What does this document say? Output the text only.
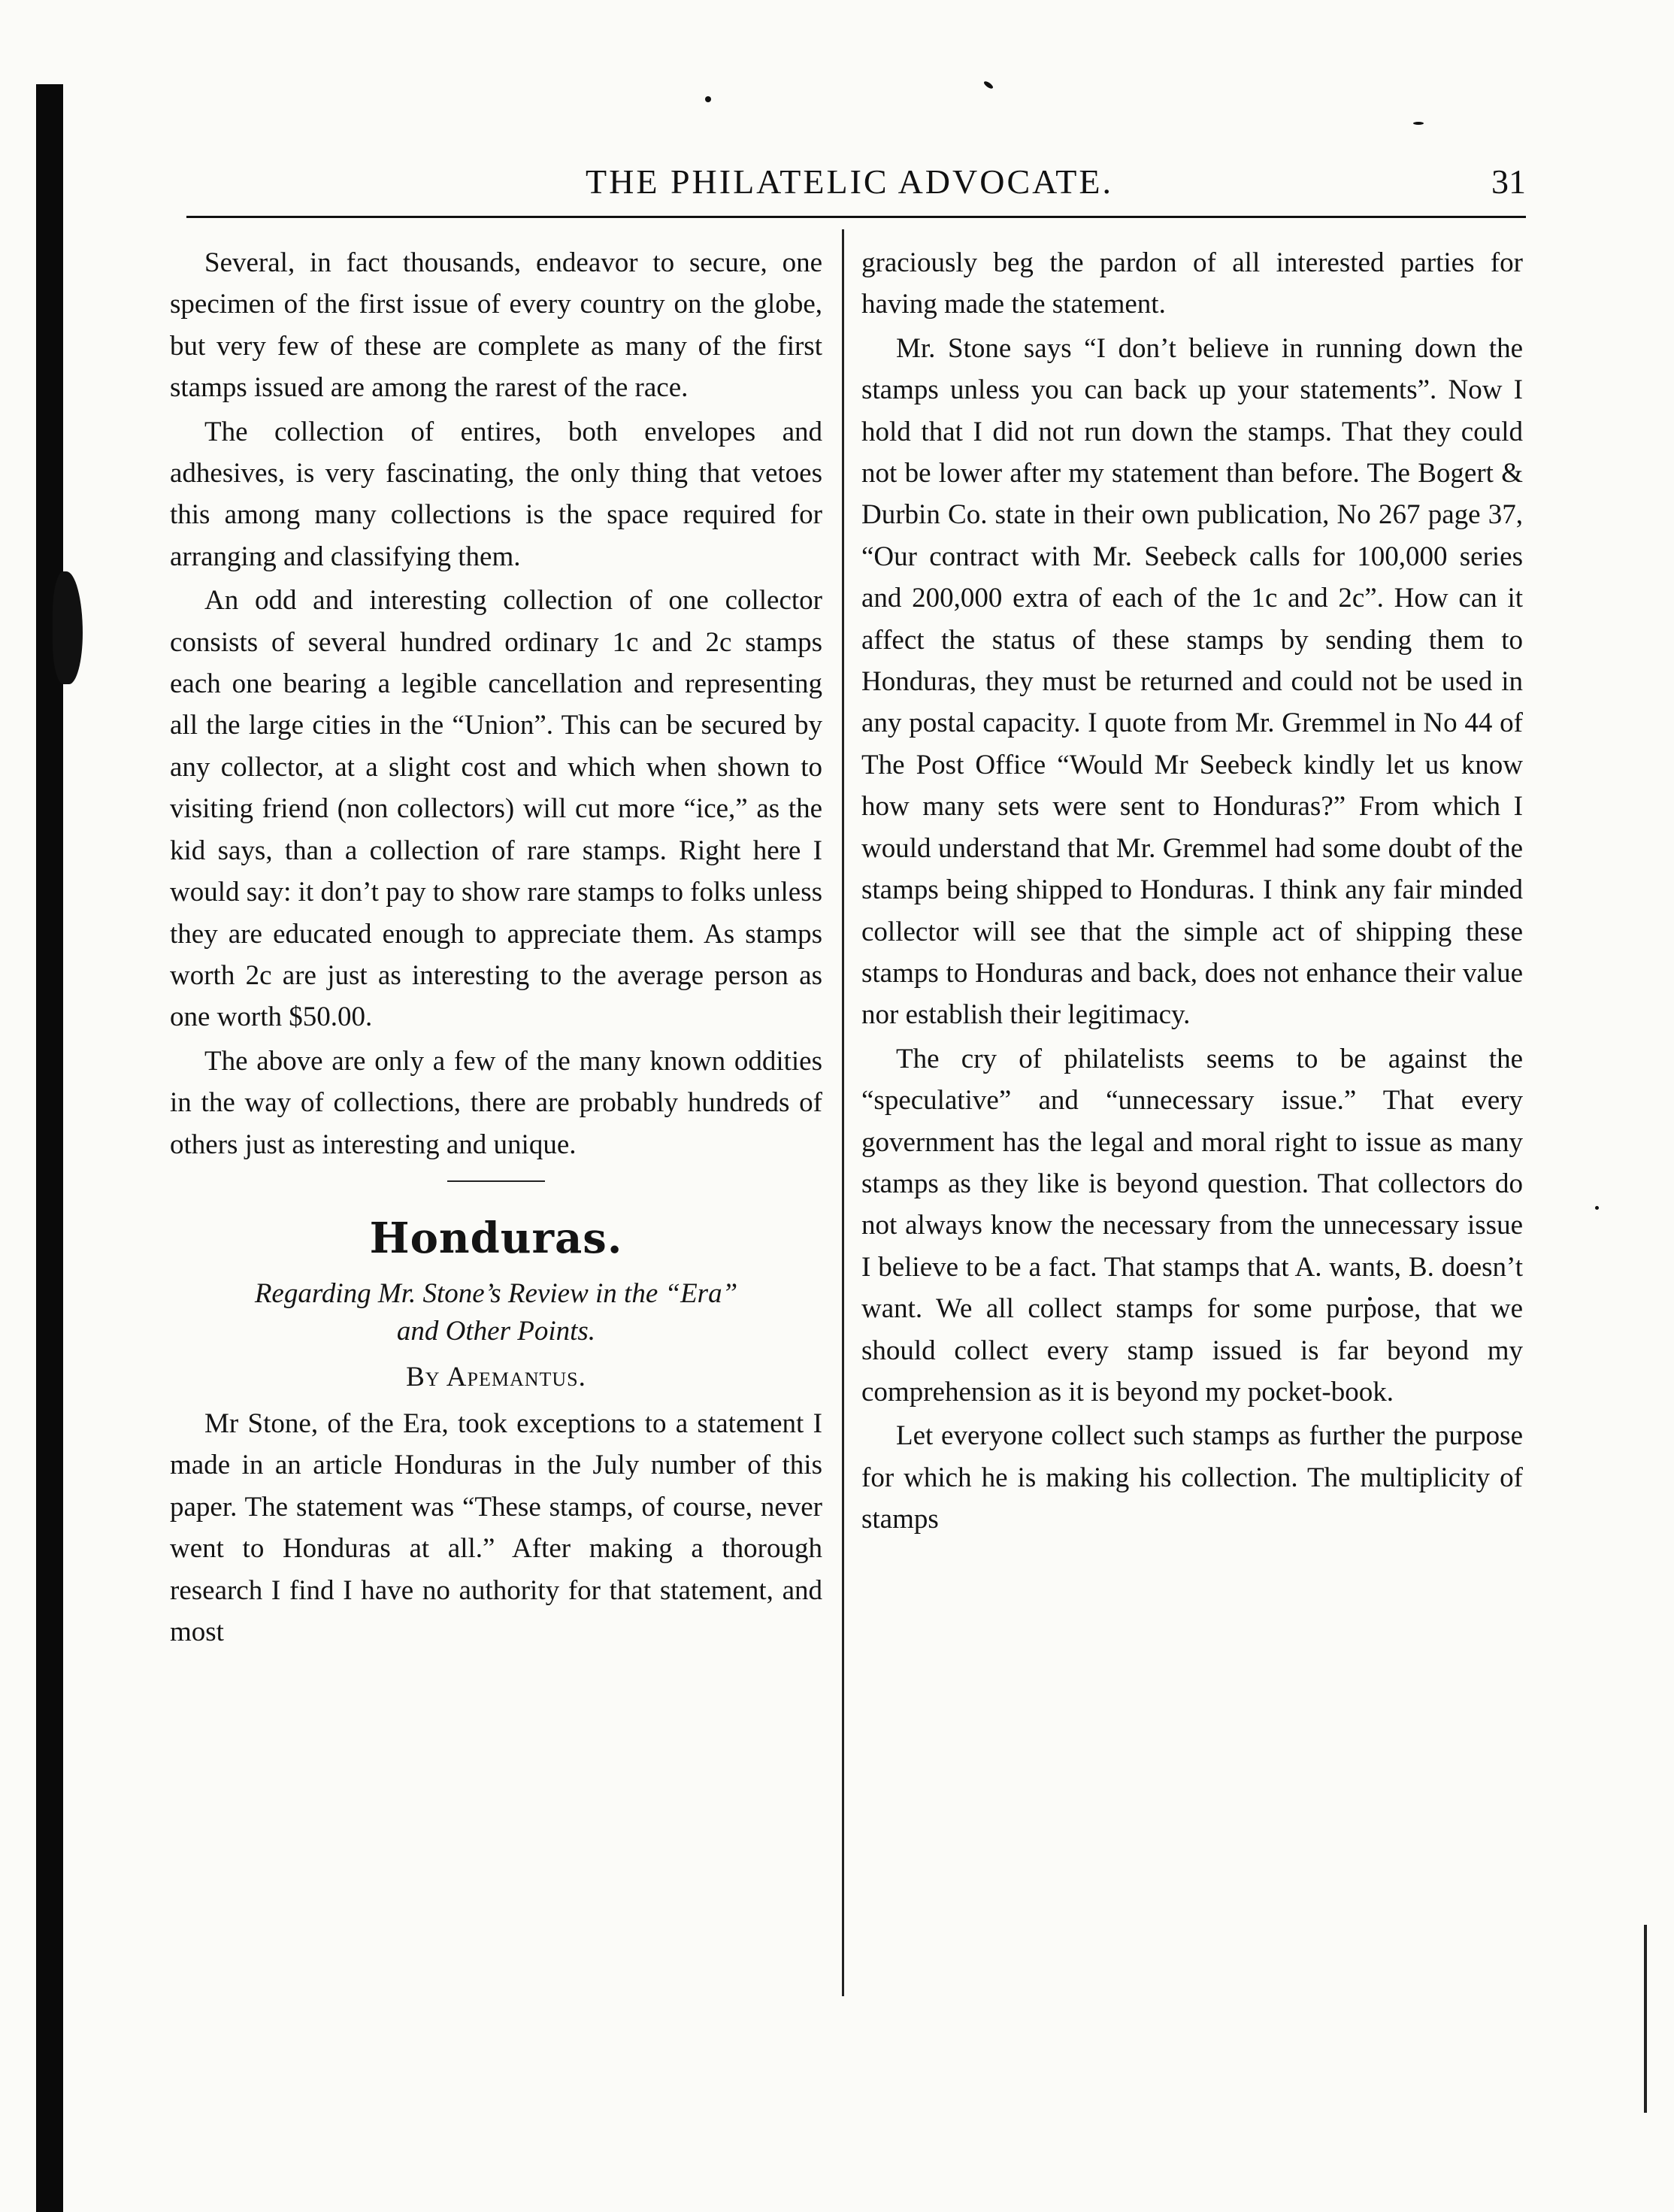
THE PHILATELIC ADVOCATE.	31

Several, in fact thousands, endeavor to secure, one specimen of the first issue of every country on the globe, but very few of these are complete as many of the first stamps issued are among the rarest of the race.

The collection of entires, both envelopes and adhesives, is very fascinating, the only thing that vetoes this among many collections is the space required for arranging and classifying them.

An odd and interesting collection of one collector consists of several hundred ordinary 1c and 2c stamps each one bearing a legible cancellation and representing all the large cities in the “Union”. This can be secured by any collector, at a slight cost and which when shown to visiting friend (non collectors) will cut more “ice,” as the kid says, than a collection of rare stamps. Right here I would say: it don’t pay to show rare stamps to folks unless they are educated enough to appreciate them. As stamps worth 2c are just as interesting to the average person as one worth $50.00.

The above are only a few of the many known oddities in the way of collections, there are probably hundreds of others just as interesting and unique.

Honduras.

Regarding Mr. Stone’s Review in the “Era”
and Other Points.

By Apemantus.

Mr Stone, of the Era, took exceptions to a statement I made in an article Honduras in the July number of this paper. The statement was “These stamps, of course, never went to Honduras at all.” After making a thorough research I find I have no authority for that statement, and most

graciously beg the pardon of all interested parties for having made the statement.

Mr. Stone says “I don’t believe in running down the stamps unless you can back up your statements”. Now I hold that I did not run down the stamps. That they could not be lower after my statement than before. The Bogert & Durbin Co. state in their own publication, No 267 page 37, “Our contract with Mr. Seebeck calls for 100,000 series and 200,000 extra of each of the 1c and 2c”. How can it affect the status of these stamps by sending them to Honduras, they must be returned and could not be used in any postal capacity. I quote from Mr. Gremmel in No 44 of The Post Office “Would Mr Seebeck kindly let us know how many sets were sent to Honduras?” From which I would understand that Mr. Gremmel had some doubt of the stamps being shipped to Honduras. I think any fair minded collector will see that the simple act of shipping these stamps to Honduras and back, does not enhance their value nor establish their legitimacy.

The cry of philatelists seems to be against the “speculative” and “unnecessary issue.” That every government has the legal and moral right to issue as many stamps as they like is beyond question. That collectors do not always know the necessary from the unnecessary issue I believe to be a fact. That stamps that A. wants, B. doesn’t want. We all collect stamps for some purpose, that we should collect every stamp issued is far beyond my comprehension as it is beyond my pocket-book.

Let everyone collect such stamps as further the purpose for which he is making his collection. The multiplicity of stamps
